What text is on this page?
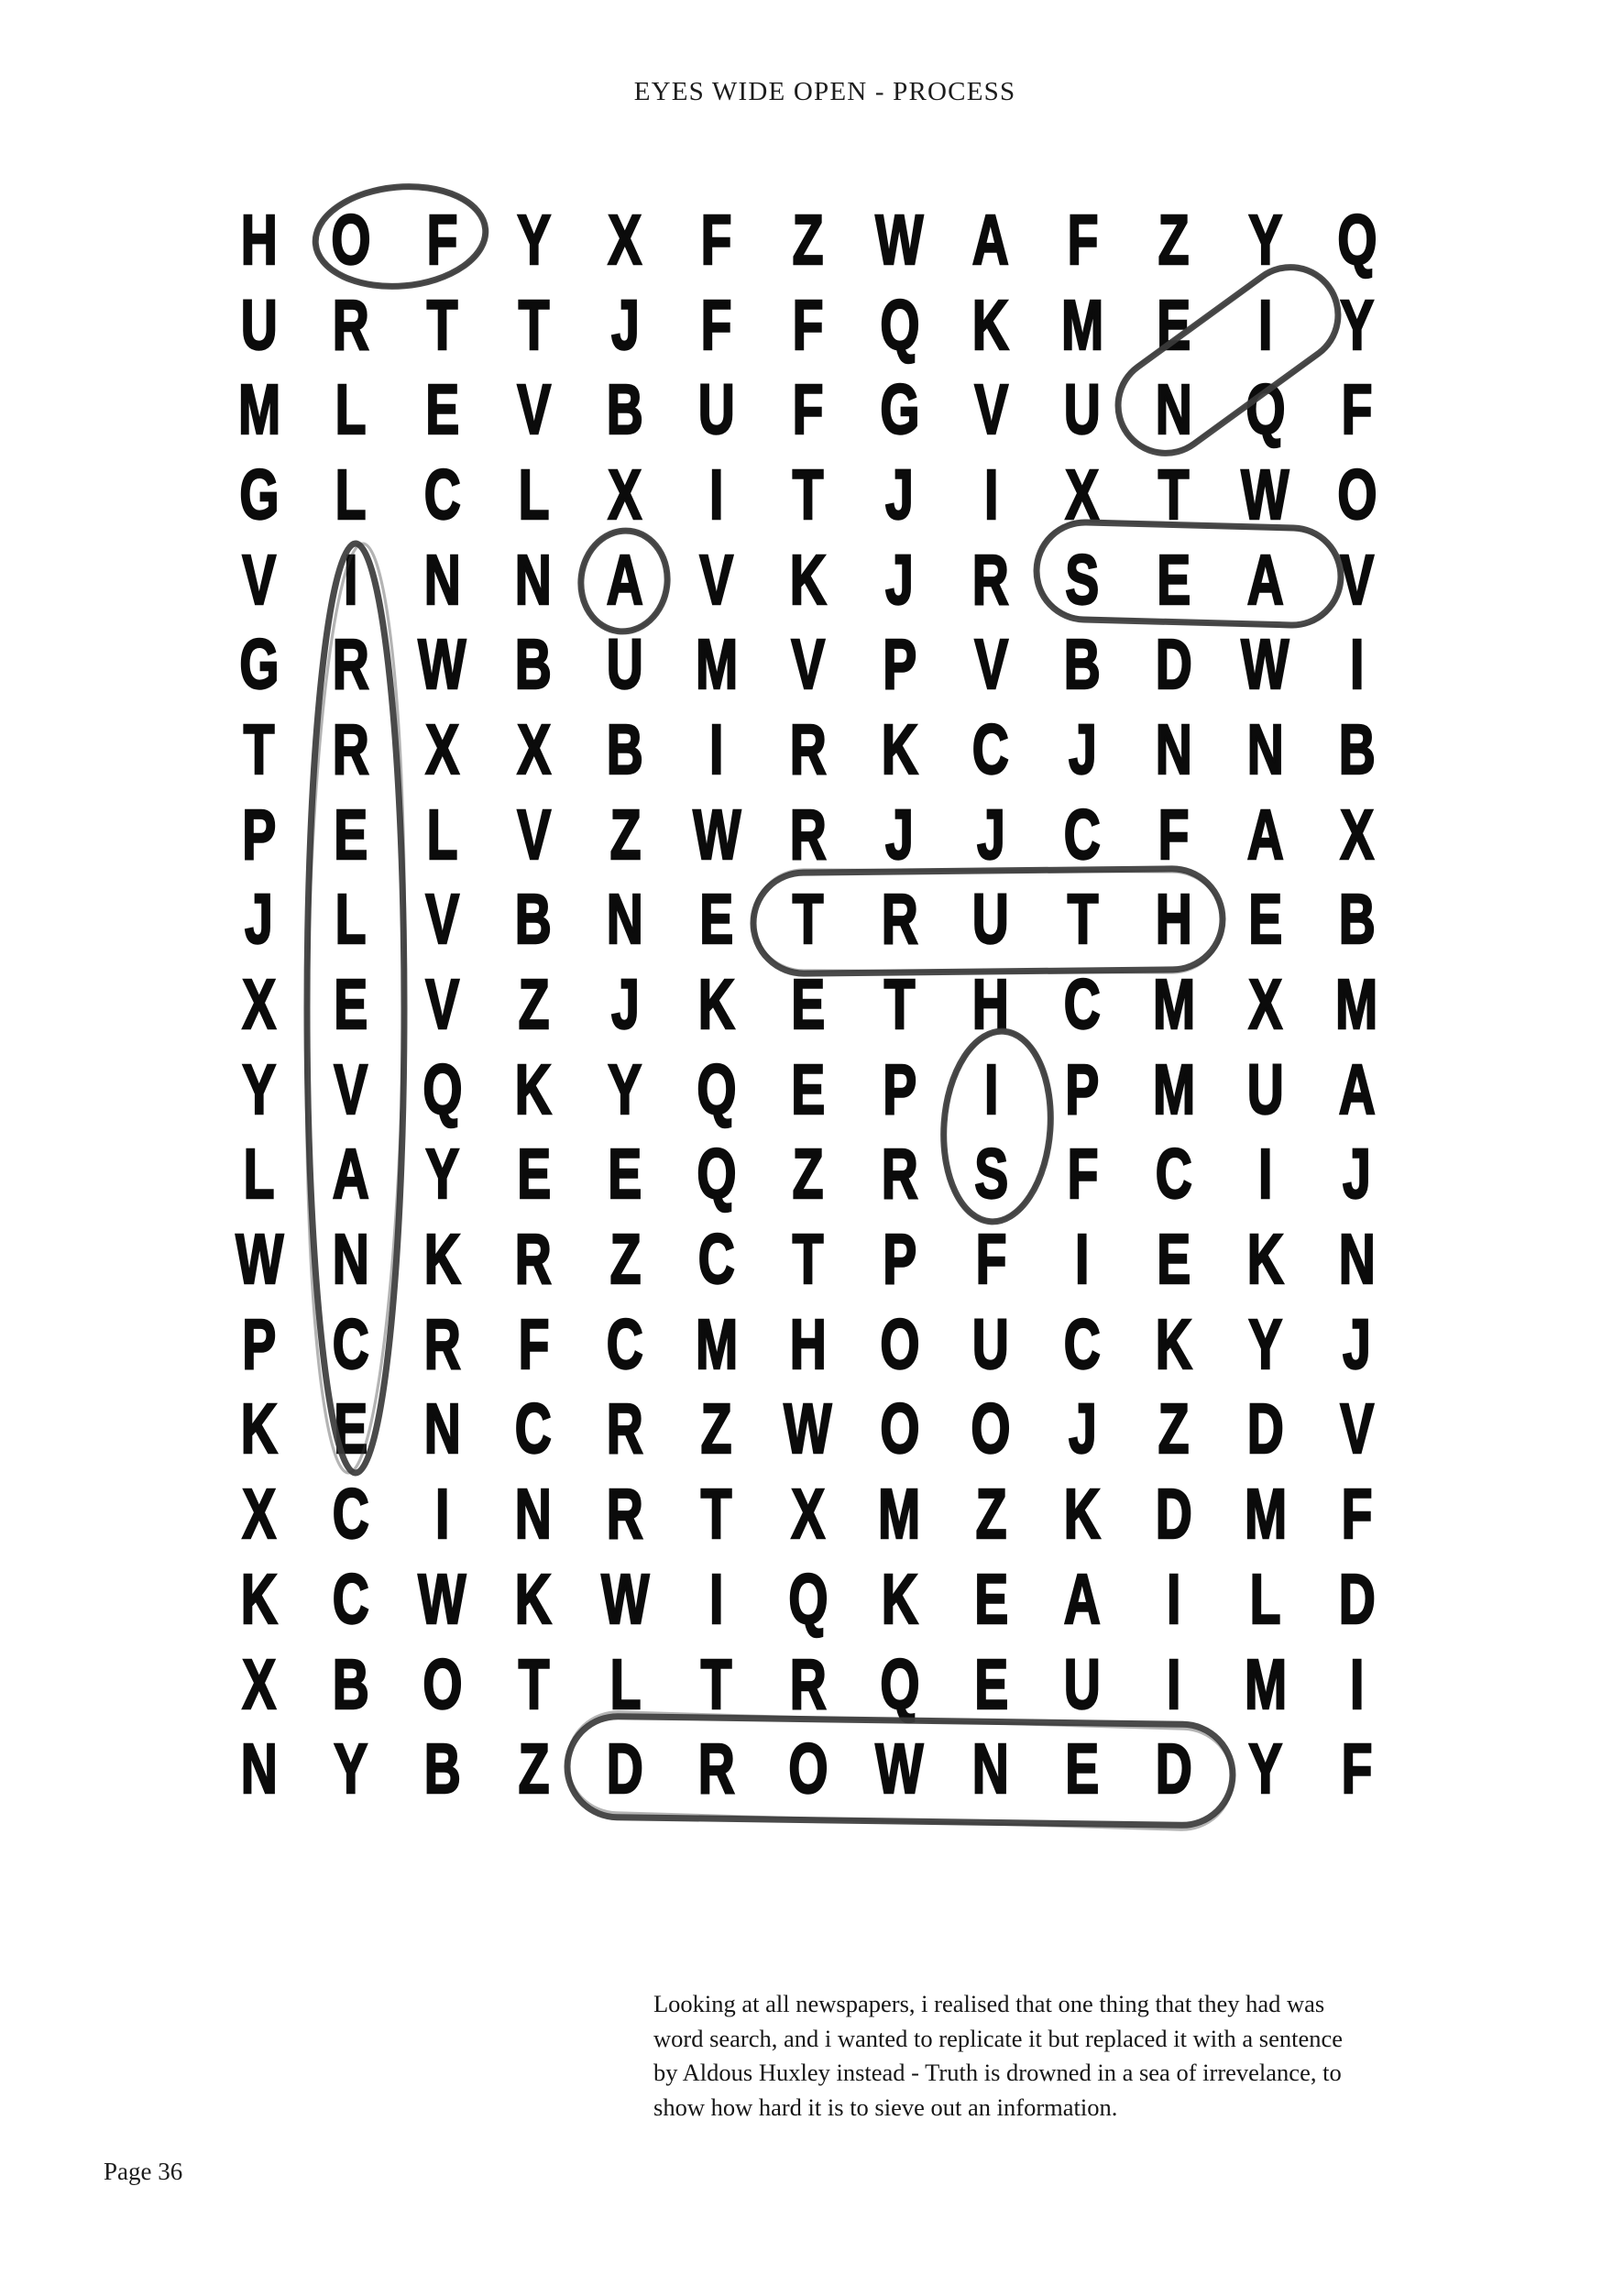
EYES WIDE OPEN - PROCESS
H O F Y X F Z W A F Z Y Q
U R T T J F F Q K M E I Y
M L E V B U F G V U N Q F
G L C L X I T J I X T W O
V I N N A V K J R S E A V
G R W B U M V P V B D W I
T R X X B I R K C J N N B
P E L V Z W R J J C F A X
J L V B N E T R U T H E B
X E V Z J K E T H C M X M
Y V Q K Y Q E P I P M U A
L A Y E E Q Z R S F C I J
W N K R Z C T P F I E K N
P C R F C M H O U C K Y J
K E N C R Z W O O J Z D V
X C I N R T X M Z K D M F
K C W K W I Q K E A I L D
X B O T L T R Q E U I M I
N Y B Z D R O W N E D Y F
Looking at all newspapers, i realised that one thing that they had was
word search, and i wanted to replicate it but replaced it with a sentence
by Aldous Huxley instead - Truth is drowned in a sea of irrevelance, to
show how hard it is to sieve out an information.
Page 36
